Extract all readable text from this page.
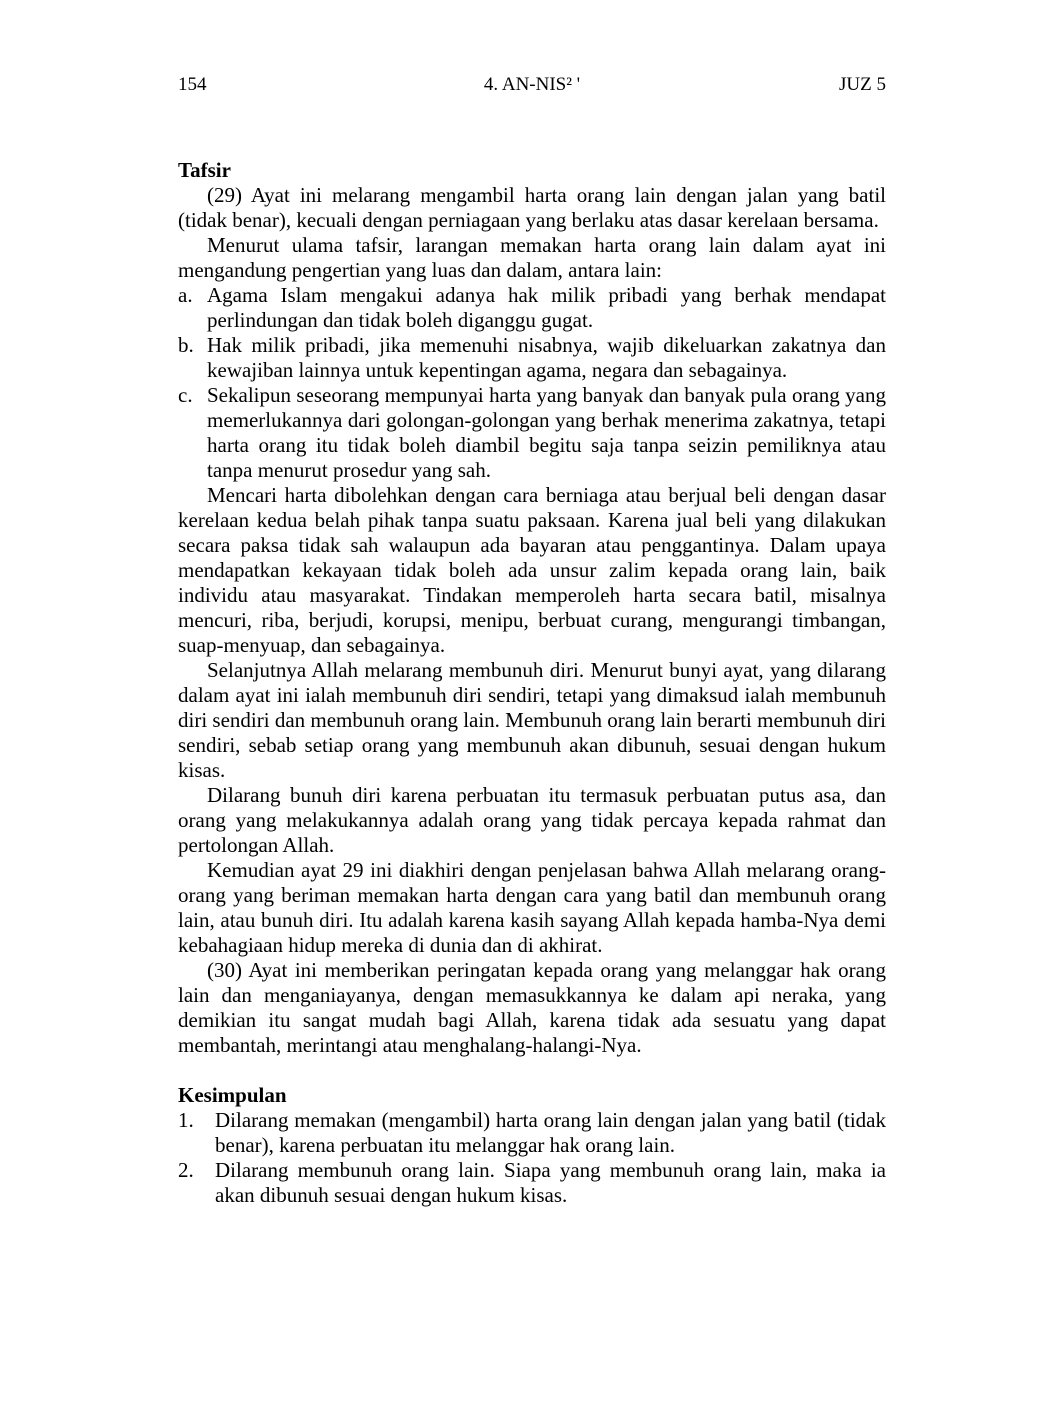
154	4. AN-NIS² '	JUZ 5
Tafsir

(29) Ayat ini melarang mengambil harta orang lain dengan jalan yang batil (tidak benar), kecuali dengan perniagaan yang berlaku atas dasar kerelaan bersama.

Menurut ulama tafsir, larangan memakan harta orang lain dalam ayat ini mengandung pengertian yang luas dan dalam, antara lain:

a. Agama Islam mengakui adanya hak milik pribadi yang berhak mendapat perlindungan dan tidak boleh diganggu gugat.
b. Hak milik pribadi, jika memenuhi nisabnya, wajib dikeluarkan zakatnya dan kewajiban lainnya untuk kepentingan agama, negara dan sebagainya.
c. Sekalipun seseorang mempunyai harta yang banyak dan banyak pula orang yang memerlukannya dari golongan-golongan yang berhak menerima zakatnya, tetapi harta orang itu tidak boleh diambil begitu saja tanpa seizin pemiliknya atau tanpa menurut prosedur yang sah.

Mencari harta dibolehkan dengan cara berniaga atau berjual beli dengan dasar kerelaan kedua belah pihak tanpa suatu paksaan. Karena jual beli yang dilakukan secara paksa tidak sah walaupun ada bayaran atau penggantinya. Dalam upaya mendapatkan kekayaan tidak boleh ada unsur zalim kepada orang lain, baik individu atau masyarakat. Tindakan memperoleh harta secara batil, misalnya mencuri, riba, berjudi, korupsi, menipu, berbuat curang, mengurangi timbangan, suap-menyuap, dan sebagainya.

Selanjutnya Allah melarang membunuh diri. Menurut bunyi ayat, yang dilarang dalam ayat ini ialah membunuh diri sendiri, tetapi yang dimaksud ialah membunuh diri sendiri dan membunuh orang lain. Membunuh orang lain berarti membunuh diri sendiri, sebab setiap orang yang membunuh akan dibunuh, sesuai dengan hukum kisas.

Dilarang bunuh diri karena perbuatan itu termasuk perbuatan putus asa, dan orang yang melakukannya adalah orang yang tidak percaya kepada rahmat dan pertolongan Allah.

Kemudian ayat 29 ini diakhiri dengan penjelasan bahwa Allah melarang orang-orang yang beriman memakan harta dengan cara yang batil dan membunuh orang lain, atau bunuh diri. Itu adalah karena kasih sayang Allah kepada hamba-Nya demi kebahagiaan hidup mereka di dunia dan di akhirat.

(30) Ayat ini memberikan peringatan kepada orang yang melanggar hak orang lain dan menganiayanya, dengan memasukkannya ke dalam api neraka, yang demikian itu sangat mudah bagi Allah, karena tidak ada sesuatu yang dapat membantah, merintangi atau menghalang-halangi-Nya.

Kesimpulan
1. Dilarang memakan (mengambil) harta orang lain dengan jalan yang batil (tidak benar), karena perbuatan itu melanggar hak orang lain.
2. Dilarang membunuh orang lain. Siapa yang membunuh orang lain, maka ia akan dibunuh sesuai dengan hukum kisas.
